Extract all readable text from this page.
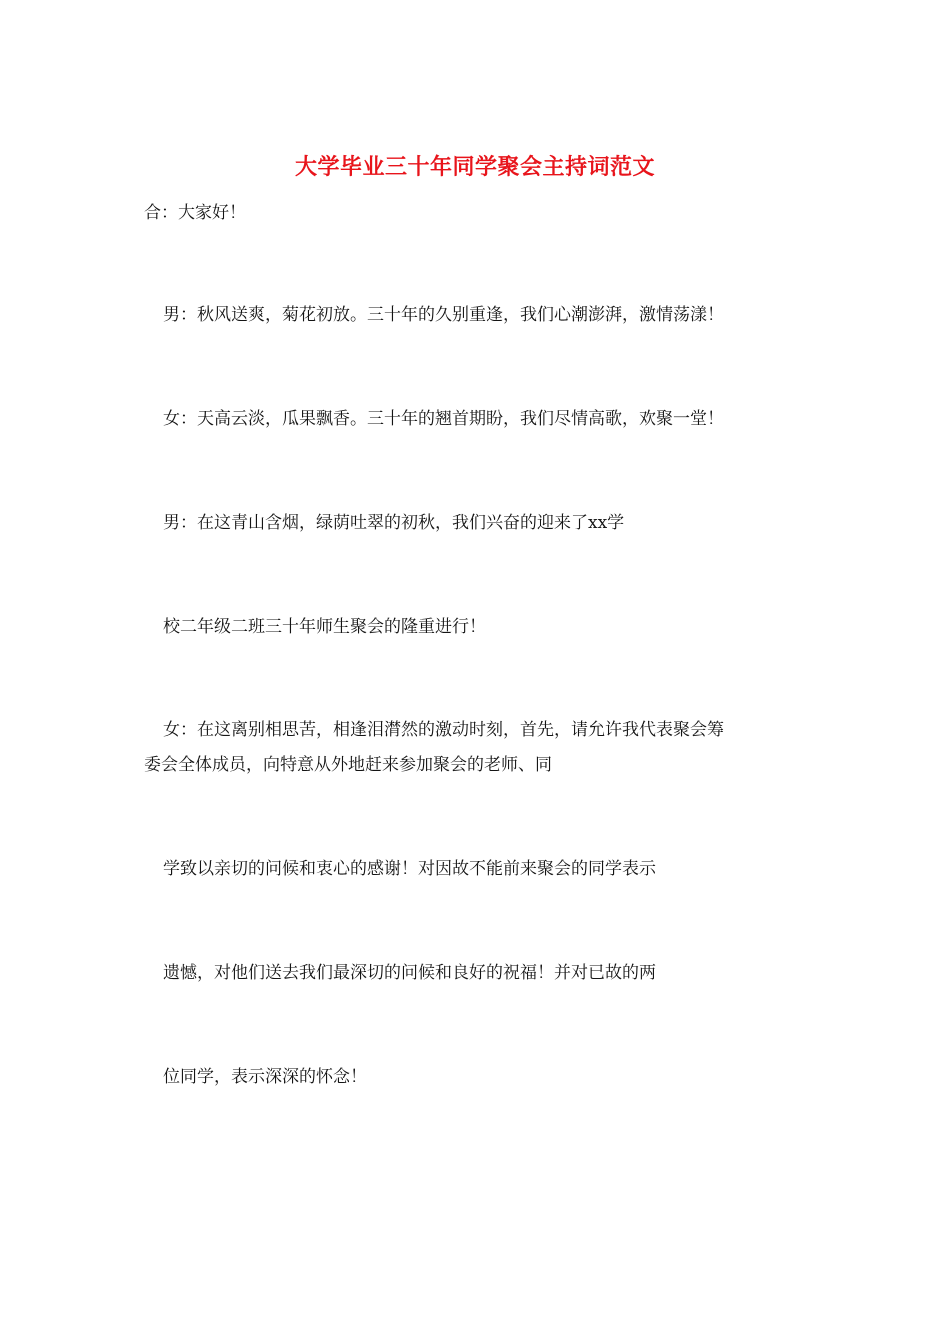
大学毕业三十年同学聚会主持词范文
合：大家好！
男：秋风送爽，菊花初放。三十年的久别重逢，我们心潮澎湃，激情荡漾！
女：天高云淡，瓜果飘香。三十年的翘首期盼，我们尽情高歌，欢聚一堂！
男：在这青山含烟，绿荫吐翠的初秋，我们兴奋的迎来了xx学
校二年级二班三十年师生聚会的隆重进行！
女：在这离别相思苦，相逢泪潸然的激动时刻，首先，请允许我代表聚会筹
委会全体成员，向特意从外地赶来参加聚会的老师、同
学致以亲切的问候和衷心的感谢！对因故不能前来聚会的同学表示
遗憾，对他们送去我们最深切的问候和良好的祝福！并对已故的两
位同学，表示深深的怀念！
